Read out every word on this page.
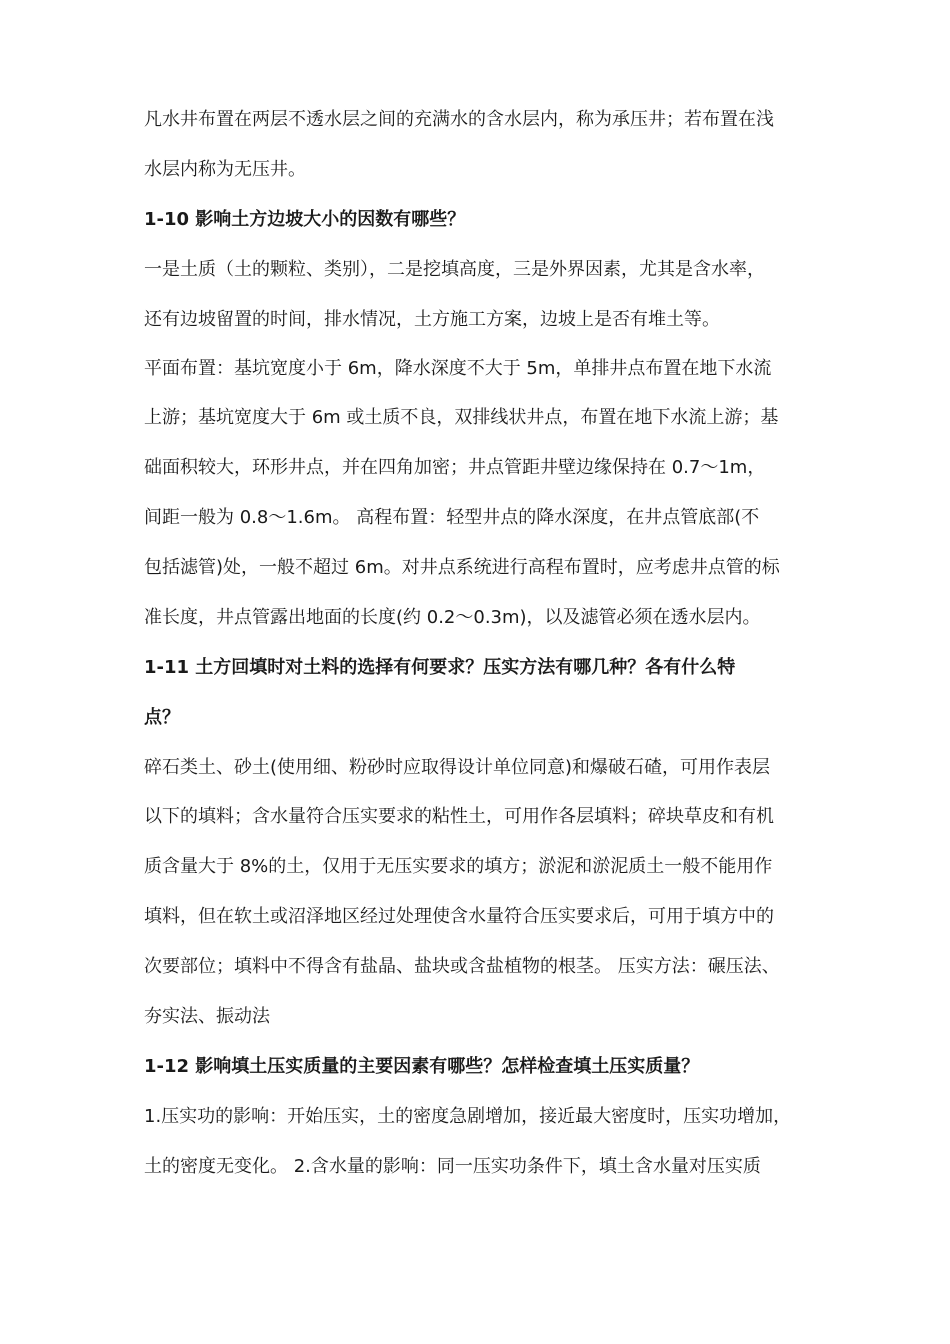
凡水井布置在两层不透水层之间的充满水的含水层内，称为承压井；若布置在浅
水层内称为无压井。
1-10 影响土方边坡大小的因数有哪些？
一是土质（土的颗粒、类别），二是挖填高度，三是外界因素，尤其是含水率，
还有边坡留置的时间，排水情况，土方施工方案，边坡上是否有堆土等。
平面布置：基坑宽度小于 6m，降水深度不大于 5m，单排井点布置在地下水流
上游；基坑宽度大于 6m 或土质不良，双排线状井点，布置在地下水流上游；基
础面积较大，环形井点，并在四角加密；井点管距井壁边缘保持在 0.7～1m，
间距一般为 0.8～1.6m。 高程布置：轻型井点的降水深度，在井点管底部(不
包括滤管)处，一般不超过 6m。对井点系统进行高程布置时，应考虑井点管的标
准长度，井点管露出地面的长度(约 0.2～0.3m)，以及滤管必须在透水层内。
1-11 土方回填时对土料的选择有何要求？压实方法有哪几种？各有什么特
点？
碎石类土、砂土(使用细、粉砂时应取得设计单位同意)和爆破石碴，可用作表层
以下的填料；含水量符合压实要求的粘性土，可用作各层填料；碎块草皮和有机
质含量大于 8%的土，仅用于无压实要求的填方；淤泥和淤泥质土一般不能用作
填料，但在软土或沼泽地区经过处理使含水量符合压实要求后，可用于填方中的
次要部位；填料中不得含有盐晶、盐块或含盐植物的根茎。 压实方法：碾压法、
夯实法、振动法
1-12 影响填土压实质量的主要因素有哪些？怎样检查填土压实质量？
1.压实功的影响：开始压实，土的密度急剧增加，接近最大密度时，压实功增加，
土的密度无变化。 2.含水量的影响：同一压实功条件下，填土含水量对压实质
